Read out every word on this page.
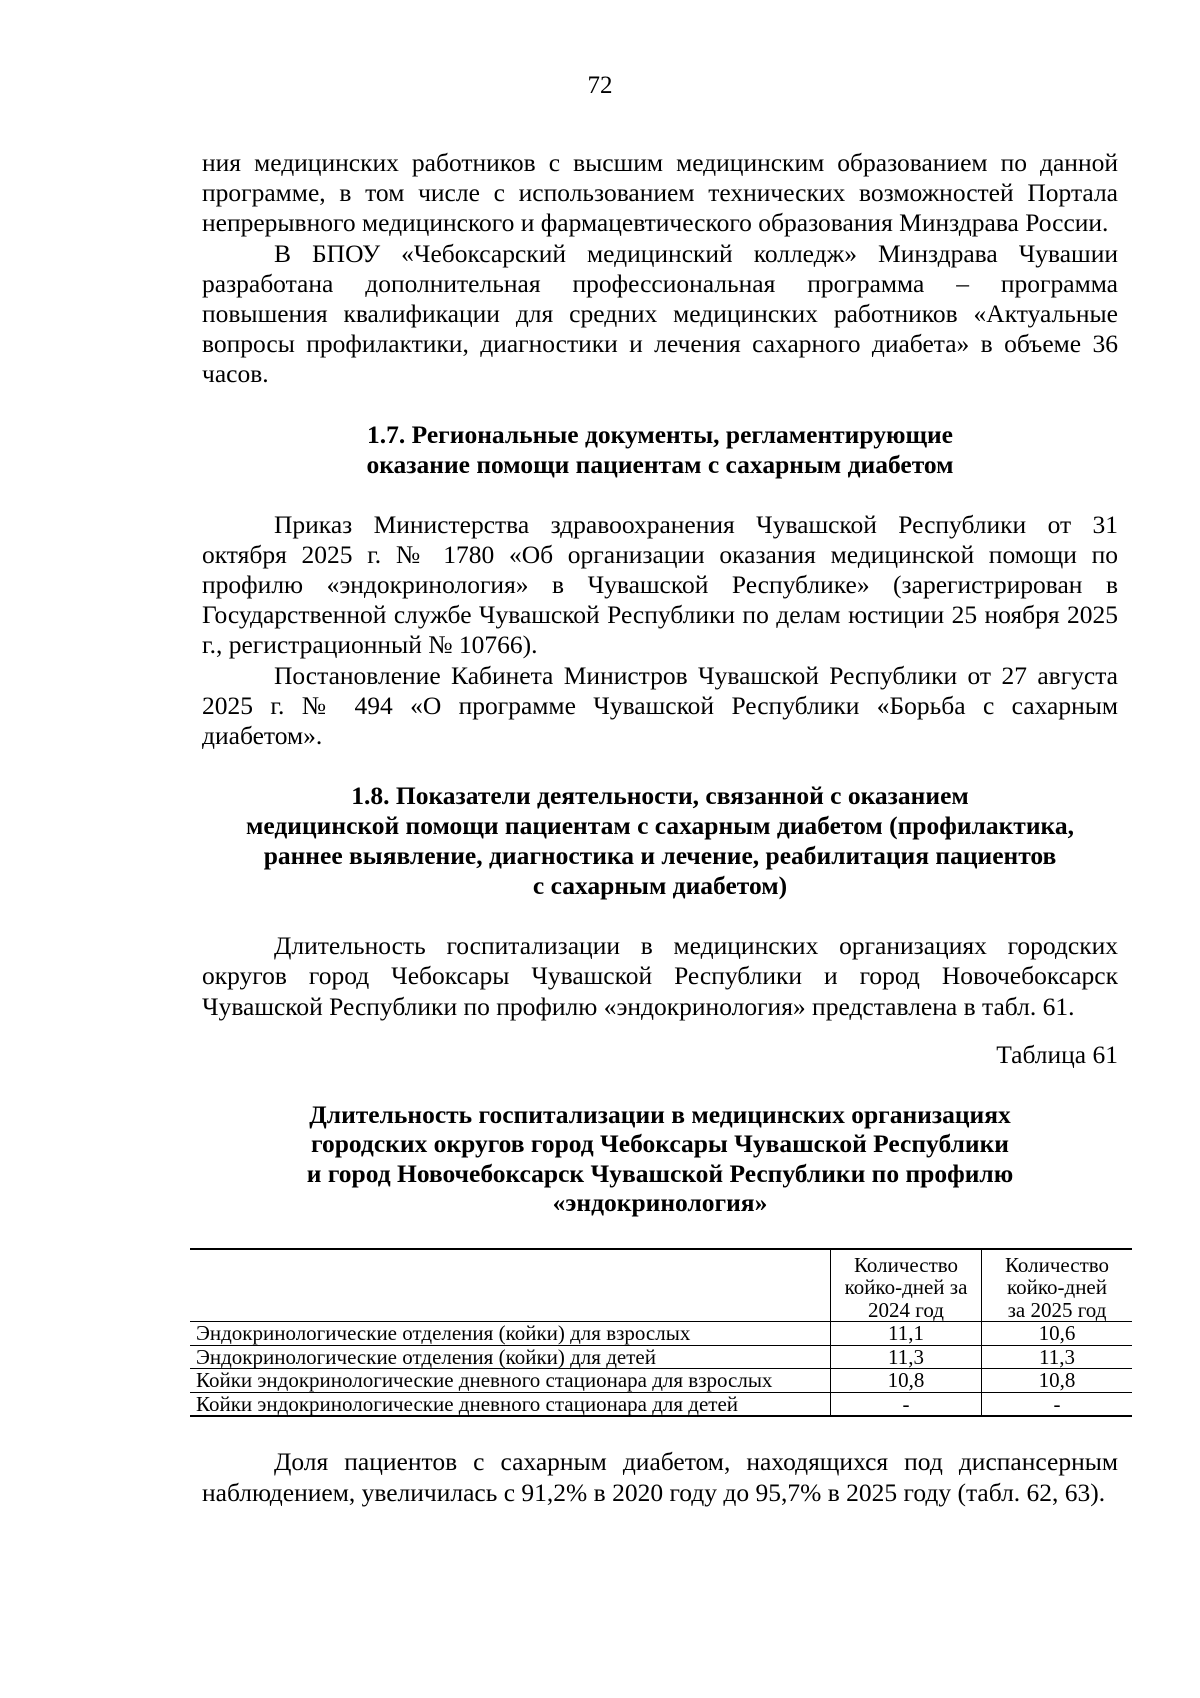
72

ния медицинских работников с высшим медицинским образованием по данной программе, в том числе с использованием технических возможностей Портала непрерывного медицинского и фармацевтического образования Минздрава России.

В БПОУ «Чебоксарский медицинский колледж» Минздрава Чувашии разработана дополнительная профессиональная программа – программа повышения квалификации для средних медицинских работников «Актуальные вопросы профилактики, диагностики и лечения сахарного диабета» в объеме 36 часов.

1.7. Региональные документы, регламентирующие
оказание помощи пациентам с сахарным диабетом

Приказ Министерства здравоохранения Чувашской Республики от 31 октября 2025 г. № 1780 «Об организации оказания медицинской помощи по профилю «эндокринология» в Чувашской Республике» (зарегистрирован в Государственной службе Чувашской Республики по делам юстиции 25 ноября 2025 г., регистрационный № 10766).

Постановление Кабинета Министров Чувашской Республики от 27 августа 2025 г. № 494 «О программе Чувашской Республики «Борьба с сахарным диабетом».

1.8. Показатели деятельности, связанной с оказанием
медицинской помощи пациентам с сахарным диабетом (профилактика,
раннее выявление, диагностика и лечение, реабилитация пациентов
с сахарным диабетом)

Длительность госпитализации в медицинских организациях городских округов город Чебоксары Чувашской Республики и город Новочебоксарск Чувашской Республики по профилю «эндокринология» представлена в табл. 61.

Таблица 61

Длительность госпитализации в медицинских организациях
городских округов город Чебоксары Чувашской Республики
и город Новочебоксарск Чувашской Республики по профилю
«эндокринология»
	Количество
койко-дней за
2024 год	Количество
койко-дней
за 2025 год
Эндокринологические отделения (койки) для взрослых	11,1	10,6
Эндокринологические отделения (койки) для детей	11,3	11,3
Койки эндокринологические дневного стационара для взрослых	10,8	10,8
Койки эндокринологические дневного стационара для детей	-	-

Доля пациентов с сахарным диабетом, находящихся под диспансерным наблюдением, увеличилась с 91,2% в 2020 году до 95,7% в 2025 году (табл. 62, 63).
